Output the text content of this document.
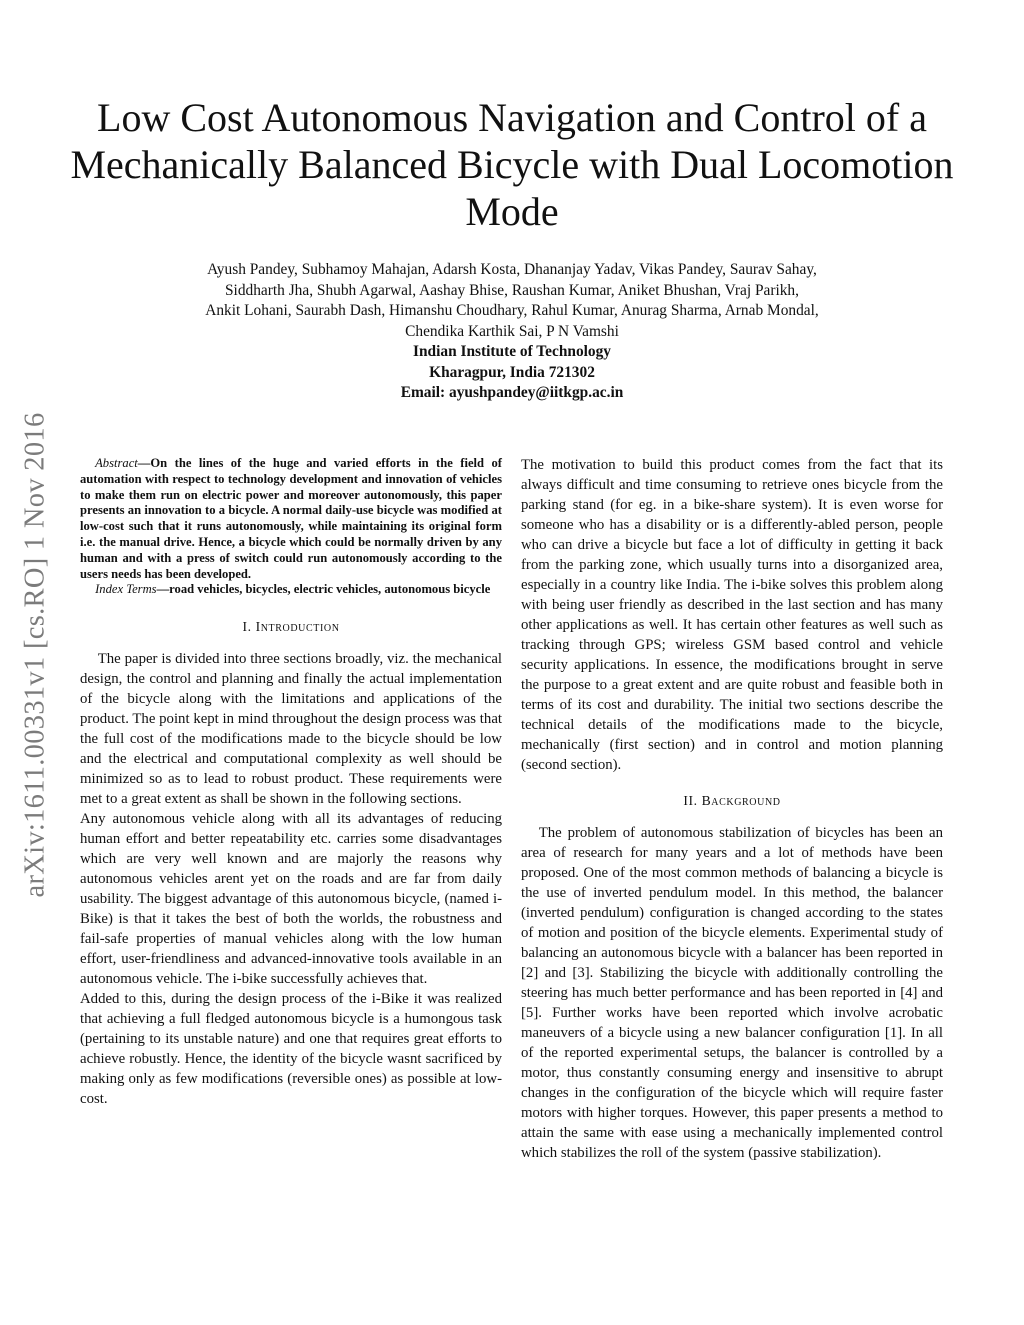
arXiv:1611.00331v1 [cs.RO] 1 Nov 2016
Low Cost Autonomous Navigation and Control of a Mechanically Balanced Bicycle with Dual Locomotion Mode
Ayush Pandey, Subhamoy Mahajan, Adarsh Kosta, Dhananjay Yadav, Vikas Pandey, Saurav Sahay,
Siddharth Jha, Shubh Agarwal, Aashay Bhise, Raushan Kumar, Aniket Bhushan, Vraj Parikh,
Ankit Lohani, Saurabh Dash, Himanshu Choudhary, Rahul Kumar, Anurag Sharma, Arnab Mondal,
Chendika Karthik Sai, P N Vamshi
Indian Institute of Technology
Kharagpur, India 721302
Email: ayushpandey@iitkgp.ac.in

Abstract—On the lines of the huge and varied efforts in the field of automation with respect to technology development and innovation of vehicles to make them run on electric power and moreover autonomously, this paper presents an innovation to a bicycle. A normal daily-use bicycle was modified at low-cost such that it runs autonomously, while maintaining its original form i.e. the manual drive. Hence, a bicycle which could be normally driven by any human and with a press of switch could run autonomously according to the users needs has been developed.

Index Terms—road vehicles, bicycles, electric vehicles, autonomous bicycle

I. Introduction

The paper is divided into three sections broadly, viz. the mechanical design, the control and planning and finally the actual implementation of the bicycle along with the limitations and applications of the product. The point kept in mind throughout the design process was that the full cost of the modifications made to the bicycle should be low and the electrical and computational complexity as well should be minimized so as to lead to robust product. These requirements were met to a great extent as shall be shown in the following sections.

Any autonomous vehicle along with all its advantages of reducing human effort and better repeatability etc. carries some disadvantages which are very well known and are majorly the reasons why autonomous vehicles arent yet on the roads and are far from daily usability. The biggest advantage of this autonomous bicycle, (named i-Bike) is that it takes the best of both the worlds, the robustness and fail-safe properties of manual vehicles along with the low human effort, user-friendliness and advanced-innovative tools available in an autonomous vehicle. The i-bike successfully achieves that.

Added to this, during the design process of the i-Bike it was realized that achieving a full fledged autonomous bicycle is a humongous task (pertaining to its unstable nature) and one that requires great efforts to achieve robustly. Hence, the identity of the bicycle wasnt sacrificed by making only as few modifications (reversible ones) as possible at low-cost.

The motivation to build this product comes from the fact that its always difficult and time consuming to retrieve ones bicycle from the parking stand (for eg. in a bike-share system). It is even worse for someone who has a disability or is a differently-abled person, people who can drive a bicycle but face a lot of difficulty in getting it back from the parking zone, which usually turns into a disorganized area, especially in a country like India. The i-bike solves this problem along with being user friendly as described in the last section and has many other applications as well. It has certain other features as well such as tracking through GPS; wireless GSM based control and vehicle security applications. In essence, the modifications brought in serve the purpose to a great extent and are quite robust and feasible both in terms of its cost and durability. The initial two sections describe the technical details of the modifications made to the bicycle, mechanically (first section) and in control and motion planning (second section).

II. Background

The problem of autonomous stabilization of bicycles has been an area of research for many years and a lot of methods have been proposed. One of the most common methods of balancing a bicycle is the use of inverted pendulum model. In this method, the balancer (inverted pendulum) configuration is changed according to the states of motion and position of the bicycle elements. Experimental study of balancing an autonomous bicycle with a balancer has been reported in [2] and [3]. Stabilizing the bicycle with additionally controlling the steering has much better performance and has been reported in [4] and [5]. Further works have been reported which involve acrobatic maneuvers of a bicycle using a new balancer configuration [1]. In all of the reported experimental setups, the balancer is controlled by a motor, thus constantly consuming energy and insensitive to abrupt changes in the configuration of the bicycle which will require faster motors with higher torques. However, this paper presents a method to attain the same with ease using a mechanically implemented control which stabilizes the roll of the system (passive stabilization).
